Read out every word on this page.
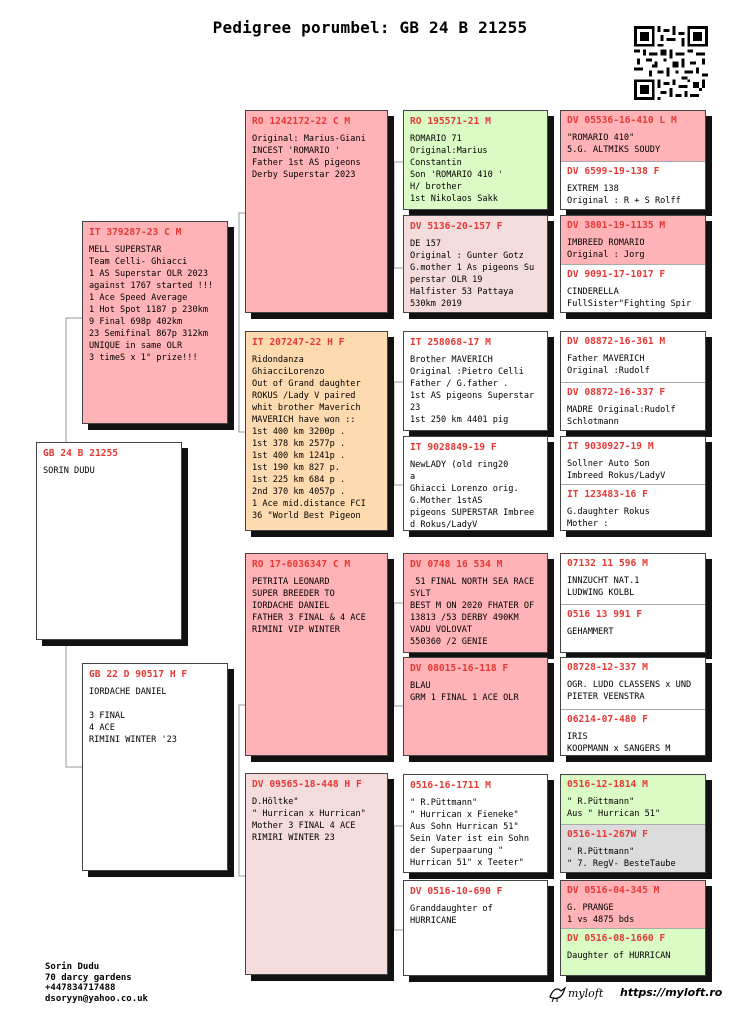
Pedigree porumbel: GB 24 B 21255
GB 24 B 21255
SORIN DUDU
IT 379287-23 C M
MELL SUPERSTAR
Team Celli- Ghiacci
1 AS Superstar OLR 2023
against 1767 started !!!
1 Ace Speed Average
1 Hot Spot 1187 p 230km
9 Final 698p 402km
23 Semifinal 867p 312km
UNIQUE in same OLR
3 timeS x 1° prize!!!
GB 22 D 90517 H F
IORDACHE DANIEL

3 FINAL
4 ACE
RIMINI WINTER '23
RO 1242172-22 C M
Original: Marius-Giani
INCEST 'ROMARIO '
Father 1st AS pigeons
Derby Superstar 2023
IT 207247-22 H F
Ridondanza
GhiacciLorenzo
Out of Grand daughter
ROKUS /Lady V paired
whit brother Maverich
MAVERICH have won ::
1st 400 km 3200p .
1st 378 km 2577p .
1st 400 km 1241p .
1st 190 km 827 p.
1st 225 km 684 p .
2nd 370 km 4057p .
1 Ace mid.distance FCI
36 "World Best Pigeon
RO 17-6036347 C M
PETRITA LEONARD
SUPER BREEDER TO
IORDACHE DANIEL
FATHER 3 FINAL & 4 ACE
RIMINI VIP WINTER
DV 09565-18-448 H F
D.Höltke"
" Hurrican x Hurrican"
Mother 3 FINAL 4 ACE
RIMIRI WINTER 23
RO 195571-21 M
ROMARIO 71
Original:Marius
Constantin
Son 'ROMARIO 410 '
H/ brother
1st Nikolaos Sakk
DV 5136-20-157 F
DE 157
Original : Gunter Gotz
G.mother 1 As pigeons Su
perstar OLR 19
Halfister 53 Pattaya
530km 2019
IT 258068-17 M
Brother MAVERICH
Original :Pietro Celli
Father / G.father .
1st AS pigeons Superstar
23
1st 250 km 4401 pig
IT 9028849-19 F
NewLADY (old ring20
a
Ghiacci Lorenzo orig.
G.Mother 1stAS
pigeons SUPERSTAR Imbree
d Rokus/LadyV
DV 0748 16 534 M
51 FINAL NORTH SEA RACE
SYLT
BEST M ON 2020 FHATER OF
13813 /53 DERBY 490KM
VADU VOLOVAT
550360 /2 GENIE
DV 08015-16-118 F
BLAU
GRM 1 FINAL 1 ACE OLR
0516-16-1711 M
" R.Püttmann"
" Hurrican x Fieneke"
Aus Sohn Hurrican 51"
Sein Vater ist ein Sohn
der Superpaarung "
Hurrican 51" x Teeter"
DV 0516-10-690 F
Granddaughter of
HURRICANE
DV 05536-16-410 L M
"ROMARIO 410"
5.G. ALTMIKS SOUDY
DV 6599-19-138 F
EXTREM 138
Original : R + S Rolff
DV 3801-19-1135 M
IMBREED ROMARIO
Original : Jorg
DV 9091-17-1017 F
CINDERELLA
FullSister"Fighting Spir
DV 08872-16-361 M
Father MAVERICH
Original :Rudolf
DV 08872-16-337 F
MADRE Original:Rudolf
Schlotmann
IT 9030927-19 M
Sollner Auto Son
Imbreed Rokus/LadyV
IT 123483-16 F
G.daughter Rokus
Mother :
07132 11 596 M
INNZUCHT NAT.1
LUDWING KOLBL
0516 13 991 F
GEHAMMERT
08728-12-337 M
OGR. LUDO CLASSENS x UND
PIETER VEENSTRA
06214-07-480 F
IRIS
KOOPMANN x SANGERS M
0516-12-1814 M
" R.Püttmann"
Aus " Hurrican 51"
0516-11-267W F
" R.Püttmann"
" 7. RegV- BesteTaube
DV 0516-04-345 M
G. PRANGE
1 vs 4875 bds
DV 0516-08-1660 F
Daughter of HURRICAN
Sorin Dudu
70 darcy gardens
+447834717488
dsoryyn@yahoo.co.uk	myloft https://myloft.ro
